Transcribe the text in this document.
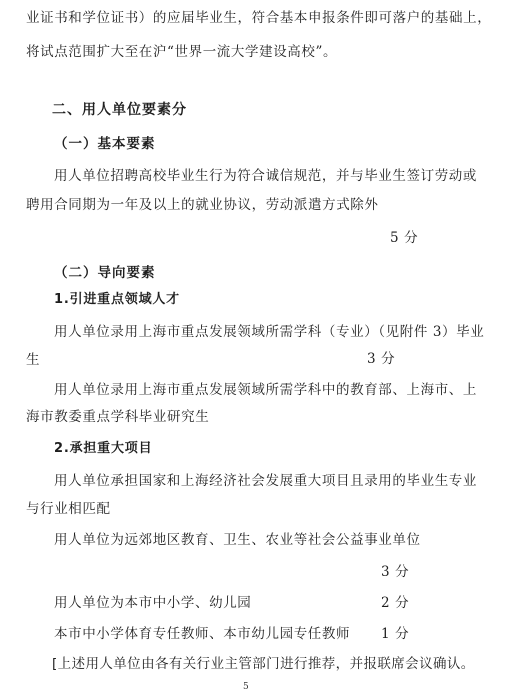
业证书和学位证书）的应届毕业生，符合基本申报条件即可落户的基础上，
将试点范围扩大至在沪“世界一流大学建设高校”。
二、用人单位要素分
（一）基本要素
用人单位招聘高校毕业生行为符合诚信规范，并与毕业生签订劳动或
聘用合同期为一年及以上的就业协议，劳动派遣方式除外
5 分
（二）导向要素
1.引进重点领域人才
用人单位录用上海市重点发展领域所需学科（专业）（见附件 3）毕业
生	3 分
用人单位录用上海市重点发展领域所需学科中的教育部、上海市、上
海市教委重点学科毕业研究生
2.承担重大项目
用人单位承担国家和上海经济社会发展重大项目且录用的毕业生专业
与行业相匹配
用人单位为远郊地区教育、卫生、农业等社会公益事业单位
3 分
用人单位为本市中小学、幼儿园	2 分
本市中小学体育专任教师、本市幼儿园专任教师 1 分
[上述用人单位由各有关行业主管部门进行推荐，并报联席会议确认。
5
